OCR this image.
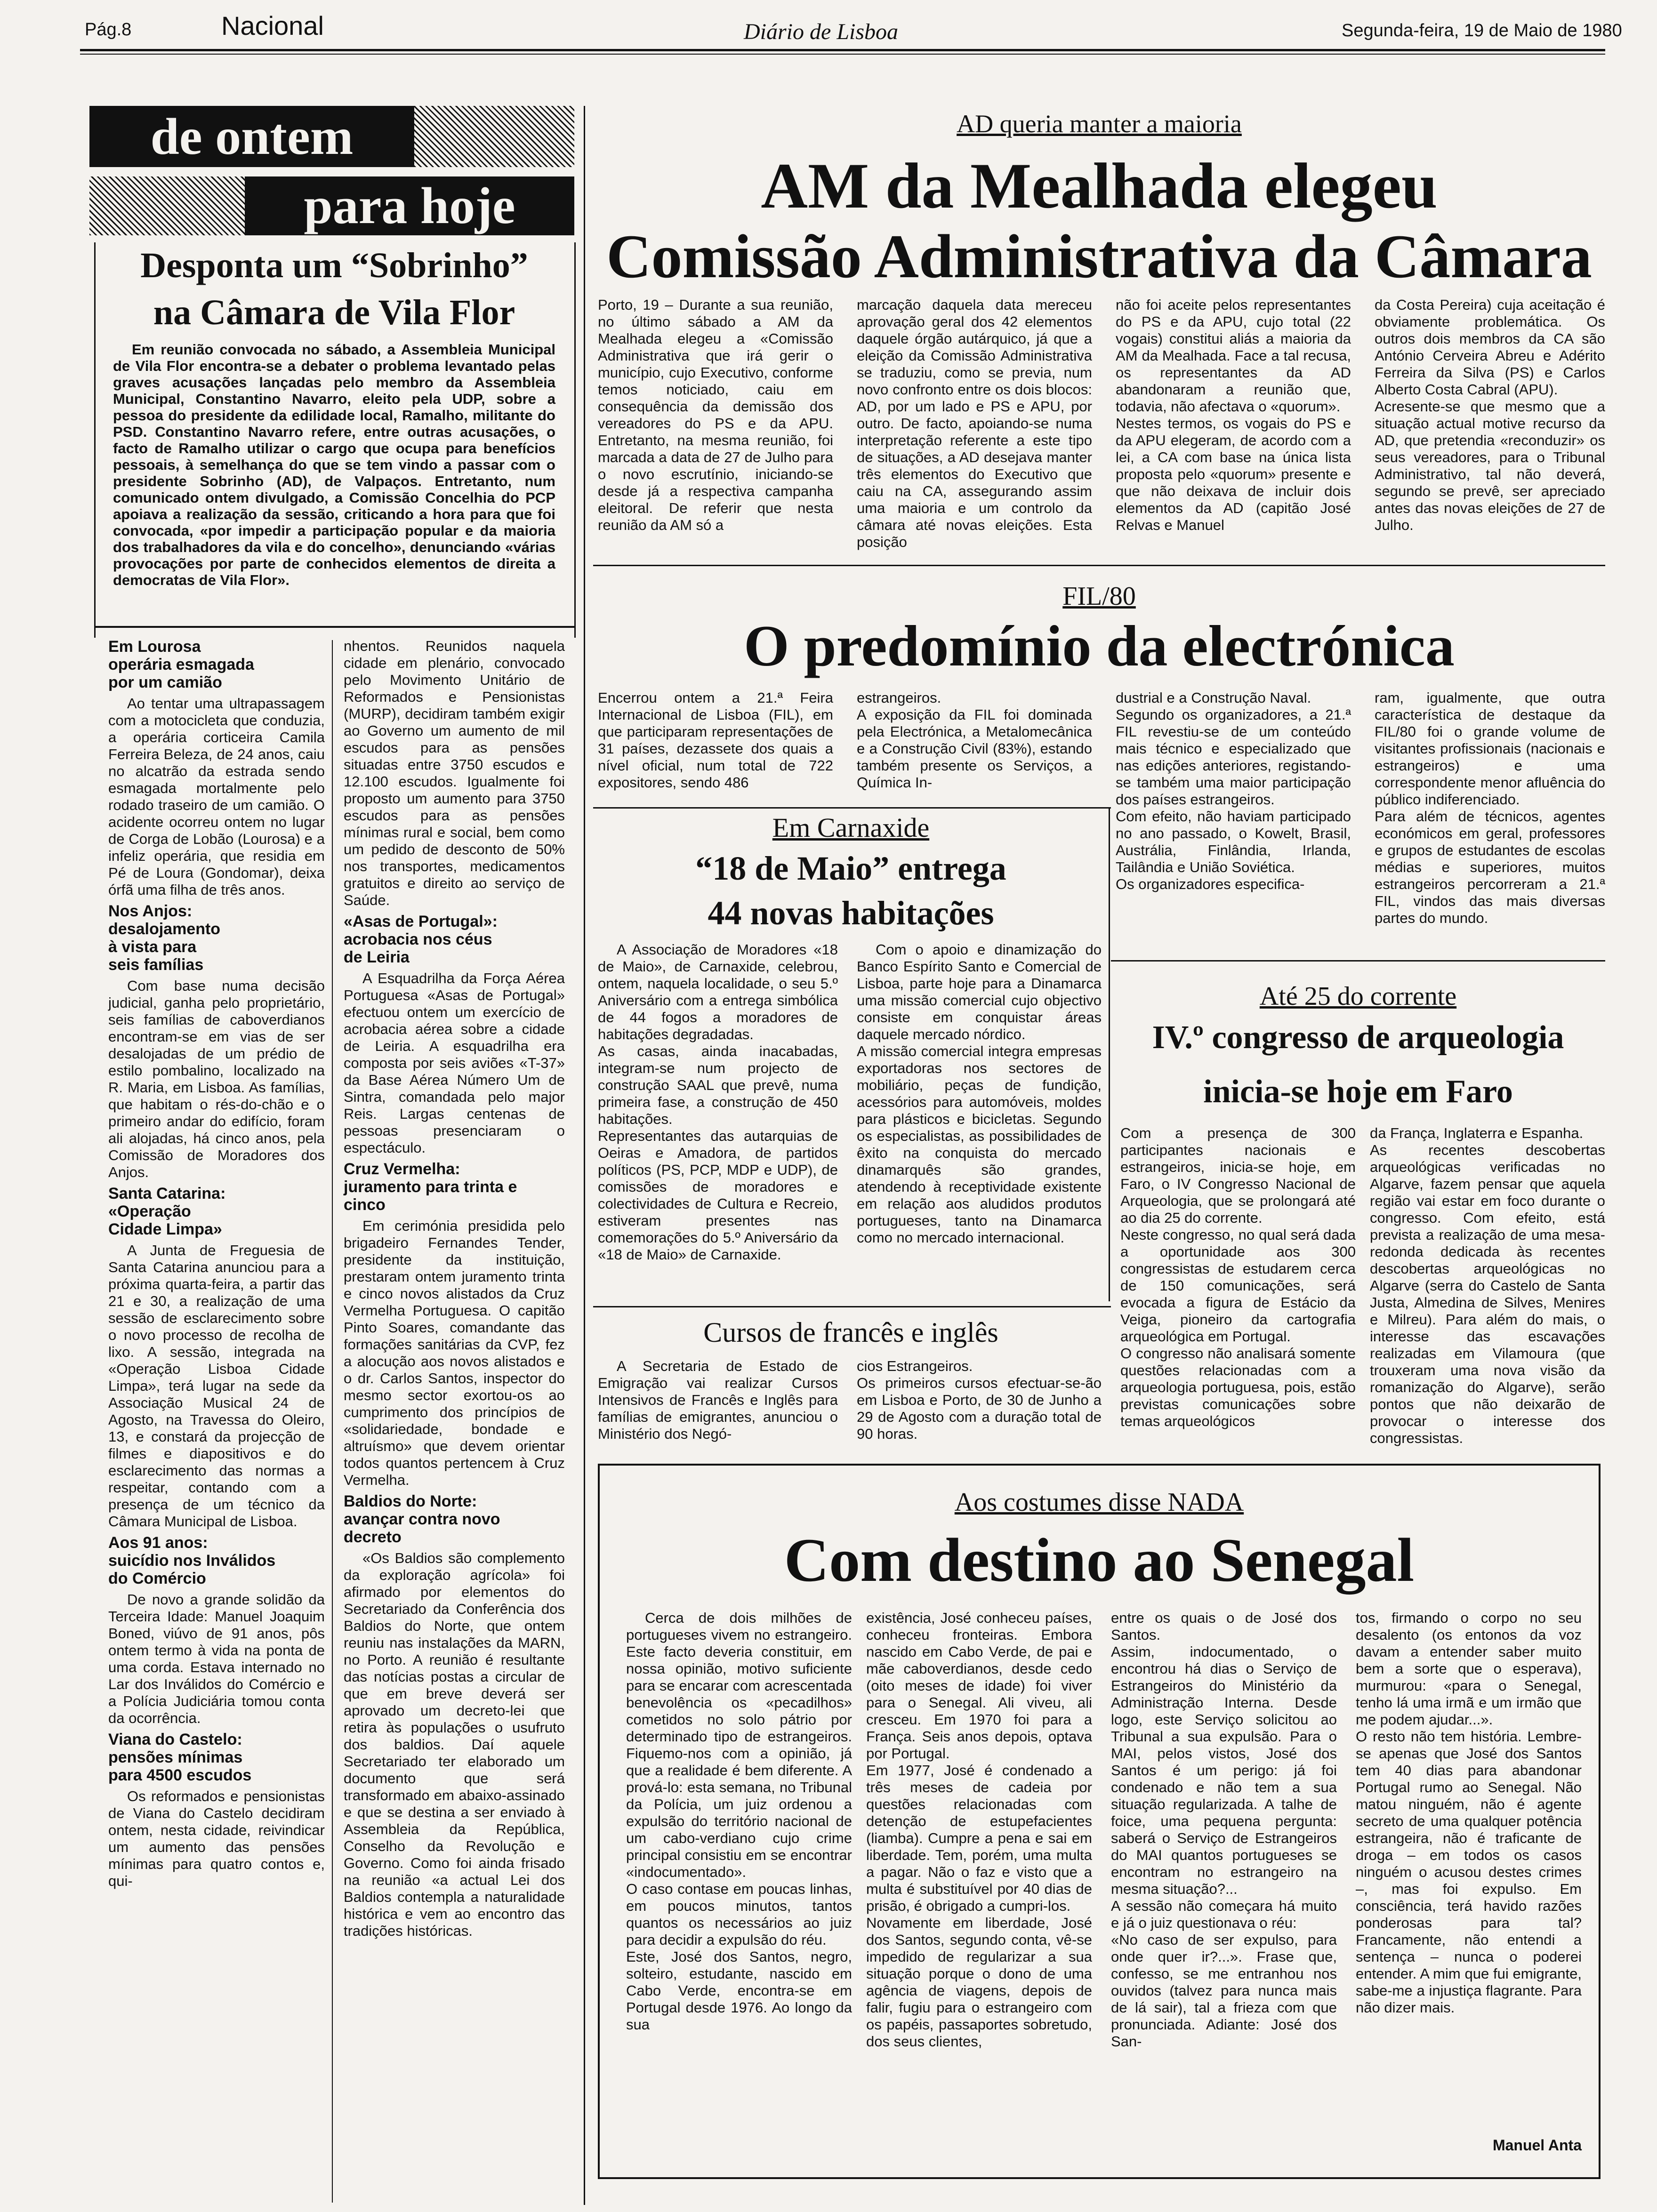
Pág.8	Nacional	Diário de Lisboa	Segunda-feira, 19 de Maio de 1980
de ontem
para hoje
Desponta um “Sobrinho”
na Câmara de Vila Flor

Em reunião convocada no sábado, a Assembleia Municipal de Vila Flor encontra-se a debater o problema levantado pelas graves acusações lançadas pelo membro da Assembleia Municipal, Constantino Navarro, eleito pela UDP, sobre a pessoa do presidente da edilidade local, Ramalho, militante do PSD. Constantino Navarro refere, entre outras acusações, o facto de Ramalho utilizar o cargo que ocupa para benefícios pessoais, à semelhança do que se tem vindo a passar com o presidente Sobrinho (AD), de Valpaços. Entretanto, num comunicado ontem divulgado, a Comissão Concelhia do PCP apoiava a realização da sessão, criticando a hora para que foi convocada, «por impedir a participação popular e da maioria dos trabalhadores da vila e do concelho», denunciando «várias provocações por parte de conhecidos elementos de direita a democratas de Vila Flor».

Em Lourosa
operária esmagada
por um camião

Ao tentar uma ultrapassagem com a motocicleta que conduzia, a operária corticeira Camila Ferreira Beleza, de 24 anos, caiu no alcatrão da estrada sendo esmagada mortalmente pelo rodado traseiro de um camião. O acidente ocorreu ontem no lugar de Corga de Lobão (Lourosa) e a infeliz operária, que residia em Pé de Loura (Gondomar), deixa órfã uma filha de três anos.

Nos Anjos:
desalojamento
à vista para
seis famílias

Com base numa decisão judicial, ganha pelo proprietário, seis famílias de caboverdianos encontram-se em vias de ser desalojadas de um prédio de estilo pombalino, localizado na R. Maria, em Lisboa. As famílias, que habitam o rés-do-chão e o primeiro andar do edifício, foram ali alojadas, há cinco anos, pela Comissão de Moradores dos Anjos.

Santa Catarina:
«Operação
Cidade Limpa»

A Junta de Freguesia de Santa Catarina anunciou para a próxima quarta-feira, a partir das 21 e 30, a realização de uma sessão de esclarecimento sobre o novo processo de recolha de lixo. A sessão, integrada na «Operação Lisboa Cidade Limpa», terá lugar na sede da Associação Musical 24 de Agosto, na Travessa do Oleiro, 13, e constará da projecção de filmes e diapositivos e do esclarecimento das normas a respeitar, contando com a presença de um técnico da Câmara Municipal de Lisboa.

Aos 91 anos:
suicídio nos Inválidos
do Comércio

De novo a grande solidão da Terceira Idade: Manuel Joaquim Boned, viúvo de 91 anos, pôs ontem termo à vida na ponta de uma corda. Estava internado no Lar dos Inválidos do Comércio e a Polícia Judiciária tomou conta da ocorrência.

Viana do Castelo:
pensões mínimas
para 4500 escudos

Os reformados e pensionistas de Viana do Castelo decidiram ontem, nesta cidade, reivindicar um aumento das pensões mínimas para quatro contos e, qui-

nhentos. Reunidos naquela cidade em plenário, convocado pelo Movimento Unitário de Reformados e Pensionistas (MURP), decidiram também exigir ao Governo um aumento de mil escudos para as pensões situadas entre 3750 escudos e 12.100 escudos. Igualmente foi proposto um aumento para 3750 escudos para as pensões mínimas rural e social, bem como um pedido de desconto de 50% nos transportes, medicamentos gratuitos e direito ao serviço de Saúde.

«Asas de Portugal»:
acrobacia nos céus
de Leiria

A Esquadrilha da Força Aérea Portuguesa «Asas de Portugal» efectuou ontem um exercício de acrobacia aérea sobre a cidade de Leiria. A esquadrilha era composta por seis aviões «T-37» da Base Aérea Número Um de Sintra, comandada pelo major Reis. Largas centenas de pessoas presenciaram o espectáculo.

Cruz Vermelha:
juramento para trinta e
cinco

Em cerimónia presidida pelo brigadeiro Fernandes Tender, presidente da instituição, prestaram ontem juramento trinta e cinco novos alistados da Cruz Vermelha Portuguesa. O capitão Pinto Soares, comandante das formações sanitárias da CVP, fez a alocução aos novos alistados e o dr. Carlos Santos, inspector do mesmo sector exortou-os ao cumprimento dos princípios de «solidariedade, bondade e altruísmo» que devem orientar todos quantos pertencem à Cruz Vermelha.

Baldios do Norte:
avançar contra novo
decreto

«Os Baldios são complemento da exploração agrícola» foi afirmado por elementos do Secretariado da Conferência dos Baldios do Norte, que ontem reuniu nas instalações da MARN, no Porto. A reunião é resultante das notícias postas a circular de que em breve deverá ser aprovado um decreto-lei que retira às populações o usufruto dos baldios. Daí aquele Secretariado ter elaborado um documento que será transformado em abaixo-assinado e que se destina a ser enviado à Assembleia da República, Conselho da Revolução e Governo. Como foi ainda frisado na reunião «a actual Lei dos Baldios contempla a naturalidade histórica e vem ao encontro das tradições históricas.

AD queria manter a maioria
AM da Mealhada elegeu
Comissão Administrativa da Câmara

Porto, 19 – Durante a sua reunião, no último sábado a AM da Mealhada elegeu a «Comissão Administrativa que irá gerir o município, cujo Executivo, conforme temos noticiado, caiu em consequência da demissão dos vereadores do PS e da APU. Entretanto, na mesma reunião, foi marcada a data de 27 de Julho para o novo escrutínio, iniciando-se desde já a respectiva campanha eleitoral. De referir que nesta reunião da AM só a

marcação daquela data mereceu aprovação geral dos 42 elementos daquele órgão autárquico, já que a eleição da Comissão Administrativa se traduziu, como se previa, num novo confronto entre os dois blocos: AD, por um lado e PS e APU, por outro. De facto, apoiando-se numa interpretação referente a este tipo de situações, a AD desejava manter três elementos do Executivo que caiu na CA, assegurando assim uma maioria e um controlo da câmara até novas eleições. Esta posição

não foi aceite pelos representantes do PS e da APU, cujo total (22 vogais) constitui aliás a maioria da AM da Mealhada. Face a tal recusa, os representantes da AD abandonaram a reunião que, todavia, não afectava o «quorum».
Nestes termos, os vogais do PS e da APU elegeram, de acordo com a lei, a CA com base na única lista proposta pelo «quorum» presente e que não deixava de incluir dois elementos da AD (capitão José Relvas e Manuel

da Costa Pereira) cuja aceitação é obviamente problemática. Os outros dois membros da CA são António Cerveira Abreu e Adérito Ferreira da Silva (PS) e Carlos Alberto Costa Cabral (APU).
Acresente-se que mesmo que a situação actual motive recurso da AD, que pretendia «reconduzir» os seus vereadores, para o Tribunal Administrativo, tal não deverá, segundo se prevê, ser apreciado antes das novas eleições de 27 de Julho.

FIL/80
O predomínio da electrónica

Encerrou ontem a 21.ª Feira Internacional de Lisboa (FIL), em que participaram representações de 31 países, dezassete dos quais a nível oficial, num total de 722 expositores, sendo 486

estrangeiros.
A exposição da FIL foi dominada pela Electrónica, a Metalomecânica e a Construção Civil (83%), estando também presente os Serviços, a Química In-

dustrial e a Construção Naval.
Segundo os organizadores, a 21.ª FIL revestiu-se de um conteúdo mais técnico e especializado que nas edições anteriores, registando-se também uma maior participação dos países estrangeiros.
Com efeito, não haviam participado no ano passado, o Kowelt, Brasil, Austrália, Finlândia, Irlanda, Tailândia e União Soviética.
Os organizadores especifica-

ram, igualmente, que outra característica de destaque da FIL/80 foi o grande volume de visitantes profissionais (nacionais e estrangeiros) e uma correspondente menor afluência do público indiferenciado.
Para além de técnicos, agentes económicos em geral, professores e grupos de estudantes de escolas médias e superiores, muitos estrangeiros percorreram a 21.ª FIL, vindos das mais diversas partes do mundo.

Em Carnaxide
“18 de Maio” entrega
44 novas habitações

A Associação de Moradores «18 de Maio», de Carnaxide, celebrou, ontem, naquela localidade, o seu 5.º Aniversário com a entrega simbólica de 44 fogos a moradores de habitações degradadas.
As casas, ainda inacabadas, integram-se num projecto de construção SAAL que prevê, numa primeira fase, a construção de 450 habitações.
Representantes das autarquias de Oeiras e Amadora, de partidos políticos (PS, PCP, MDP e UDP), de comissões de moradores e colectividades de Cultura e Recreio, estiveram presentes nas comemorações do 5.º Aniversário da «18 de Maio» de Carnaxide.

Com o apoio e dinamização do Banco Espírito Santo e Comercial de Lisboa, parte hoje para a Dinamarca uma missão comercial cujo objectivo consiste em conquistar áreas daquele mercado nórdico.
A missão comercial integra empresas exportadoras nos sectores de mobiliário, peças de fundição, acessórios para automóveis, moldes para plásticos e bicicletas. Segundo os especialistas, as possibilidades de êxito na conquista do mercado dinamarquês são grandes, atendendo à receptividade existente em relação aos aludidos produtos portugueses, tanto na Dinamarca como no mercado internacional.

Cursos de francês e inglês

A Secretaria de Estado de Emigração vai realizar Cursos Intensivos de Francês e Inglês para famílias de emigrantes, anunciou o Ministério dos Negó-

cios Estrangeiros.
Os primeiros cursos efectuar-se-ão em Lisboa e Porto, de 30 de Junho a 29 de Agosto com a duração total de 90 horas.

Até 25 do corrente
IV.º congresso de arqueologia
inicia-se hoje em Faro

Com a presença de 300 participantes nacionais e estrangeiros, inicia-se hoje, em Faro, o IV Congresso Nacional de Arqueologia, que se prolongará até ao dia 25 do corrente.
Neste congresso, no qual será dada a oportunidade aos 300 congressistas de estudarem cerca de 150 comunicações, será evocada a figura de Estácio da Veiga, pioneiro da cartografia arqueológica em Portugal.
O congresso não analisará somente questões relacionadas com a arqueologia portuguesa, pois, estão previstas comunicações sobre temas arqueológicos

da França, Inglaterra e Espanha.
As recentes descobertas arqueológicas verificadas no Algarve, fazem pensar que aquela região vai estar em foco durante o congresso. Com efeito, está prevista a realização de uma mesa-redonda dedicada às recentes descobertas arqueológicas no Algarve (serra do Castelo de Santa Justa, Almedina de Silves, Menires e Milreu). Para além do mais, o interesse das escavações realizadas em Vilamoura (que trouxeram uma nova visão da romanização do Algarve), serão pontos que não deixarão de provocar o interesse dos congressistas.

Aos costumes disse NADA
Com destino ao Senegal

Cerca de dois milhões de portugueses vivem no estrangeiro. Este facto deveria constituir, em nossa opinião, motivo suficiente para se encarar com acrescentada benevolência os «pecadilhos» cometidos no solo pátrio por determinado tipo de estrangeiros. Fiquemo-nos com a opinião, já que a realidade é bem diferente. A prová-lo: esta semana, no Tribunal da Polícia, um juiz ordenou a expulsão do território nacional de um cabo-verdiano cujo crime principal consistiu em se encontrar «indocumentado».
O caso contase em poucas linhas, em poucos minutos, tantos quantos os necessários ao juiz para decidir a expulsão do réu.
Este, José dos Santos, negro, solteiro, estudante, nascido em Cabo Verde, encontra-se em Portugal desde 1976. Ao longo da sua

existência, José conheceu países, conheceu fronteiras. Embora nascido em Cabo Verde, de pai e mãe caboverdianos, desde cedo (oito meses de idade) foi viver para o Senegal. Ali viveu, ali cresceu. Em 1970 foi para a França. Seis anos depois, optava por Portugal.
Em 1977, José é condenado a três meses de cadeia por questões relacionadas com detenção de estupefacientes (liamba). Cumpre a pena e sai em liberdade. Tem, porém, uma multa a pagar. Não o faz e visto que a multa é substituível por 40 dias de prisão, é obrigado a cumpri-los.
Novamente em liberdade, José dos Santos, segundo conta, vê-se impedido de regularizar a sua situação porque o dono de uma agência de viagens, depois de falir, fugiu para o estrangeiro com os papéis, passaportes sobretudo, dos seus clientes,

entre os quais o de José dos Santos.
Assim, indocumentado, o encontrou há dias o Serviço de Estrangeiros do Ministério da Administração Interna. Desde logo, este Serviço solicitou ao Tribunal a sua expulsão. Para o MAI, pelos vistos, José dos Santos é um perigo: já foi condenado e não tem a sua situação regularizada. A talhe de foice, uma pequena pergunta: saberá o Serviço de Estrangeiros do MAI quantos portugueses se encontram no estrangeiro na mesma situação?...
A sessão não começara há muito e já o juiz questionava o réu:
«No caso de ser expulso, para onde quer ir?...». Frase que, confesso, se me entranhou nos ouvidos (talvez para nunca mais de lá sair), tal a frieza com que pronunciada. Adiante: José dos San-

tos, firmando o corpo no seu desalento (os entonos da voz davam a entender saber muito bem a sorte que o esperava), murmurou: «para o Senegal, tenho lá uma irmã e um irmão que me podem ajudar...».
O resto não tem história. Lembre-se apenas que José dos Santos tem 40 dias para abandonar Portugal rumo ao Senegal. Não matou ninguém, não é agente secreto de uma qualquer potência estrangeira, não é traficante de droga – em todos os casos ninguém o acusou destes crimes –, mas foi expulso. Em consciência, terá havido razões ponderosas para tal? Francamente, não entendi a sentença – nunca o poderei entender. A mim que fui emigrante, sabe-me a injustiça flagrante. Para não dizer mais.

Manuel Anta
